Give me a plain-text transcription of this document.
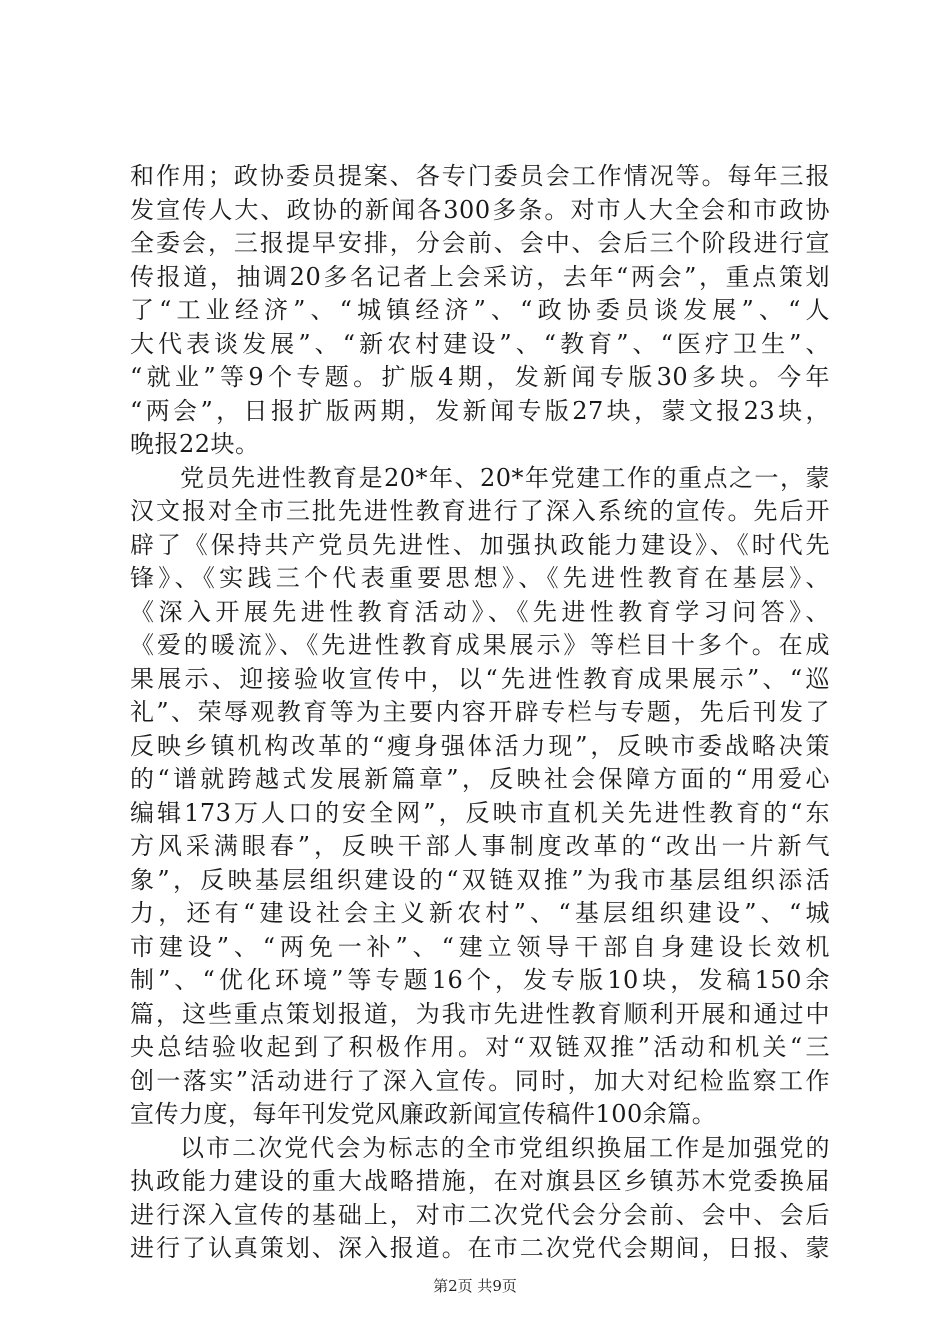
和作用；政协委员提案、各专门委员会工作情况等。每年三报
发宣传人大、政协的新闻各300多条。对市人大全会和市政协
全委会，三报提早安排，分会前、会中、会后三个阶段进行宣
传报道，抽调20多名记者上会采访，去年“两会”，重点策划
了“工业经济”、“城镇经济”、“政协委员谈发展”、“人
大代表谈发展”、“新农村建设”、“教育”、“医疗卫生”、
“就业”等9个专题。扩版4期，发新闻专版30多块。今年
“两会”，日报扩版两期，发新闻专版27块，蒙文报23块，
晚报22块。
党员先进性教育是20*年、20*年党建工作的重点之一，蒙
汉文报对全市三批先进性教育进行了深入系统的宣传。先后开
辟了《保持共产党员先进性、加强执政能力建设》、《时代先
锋》、《实践三个代表重要思想》、《先进性教育在基层》、
《深入开展先进性教育活动》、《先进性教育学习问答》、
《爱的暖流》、《先进性教育成果展示》等栏目十多个。在成
果展示、迎接验收宣传中，以“先进性教育成果展示”、“巡
礼”、荣辱观教育等为主要内容开辟专栏与专题，先后刊发了
反映乡镇机构改革的“瘦身强体活力现”，反映市委战略决策
的“谱就跨越式发展新篇章”，反映社会保障方面的“用爱心
编辑173万人口的安全网”，反映市直机关先进性教育的“东
方风采满眼春”，反映干部人事制度改革的“改出一片新气
象”，反映基层组织建设的“双链双推”为我市基层组织添活
力，还有“建设社会主义新农村”、“基层组织建设”、“城
市建设”、“两免一补”、“建立领导干部自身建设长效机
制”、“优化环境”等专题16个，发专版10块，发稿150余
篇，这些重点策划报道，为我市先进性教育顺利开展和通过中
央总结验收起到了积极作用。对“双链双推”活动和机关“三
创一落实”活动进行了深入宣传。同时，加大对纪检监察工作
宣传力度，每年刊发党风廉政新闻宣传稿件100余篇。
以市二次党代会为标志的全市党组织换届工作是加强党的
执政能力建设的重大战略措施，在对旗县区乡镇苏木党委换届
进行深入宣传的基础上，对市二次党代会分会前、会中、会后
进行了认真策划、深入报道。在市二次党代会期间，日报、蒙
第2页 共9页
